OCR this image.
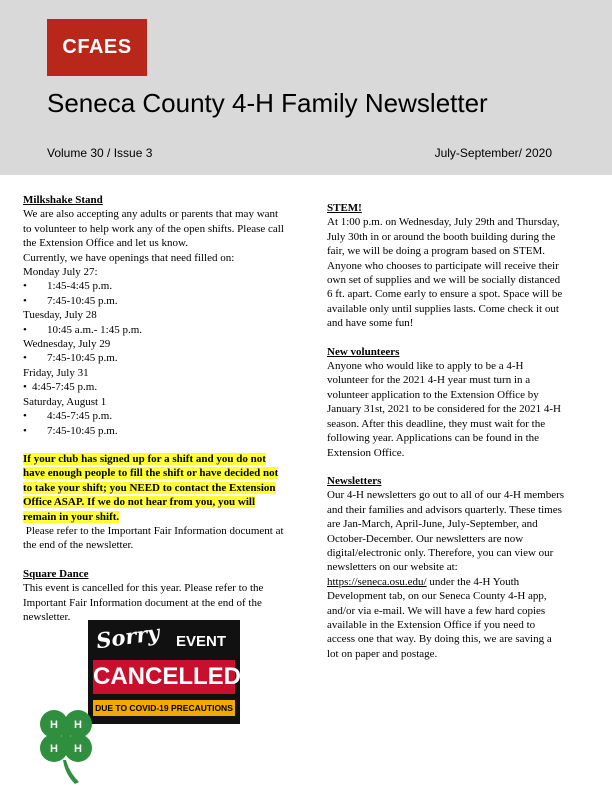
CFAES
Seneca County 4-H Family Newsletter
Volume 30 / Issue 3	July-September/ 2020
Milkshake Stand
We are also accepting any adults or parents that may want
to volunteer to help work any of the open shifts. Please call
the Extension Office and let us know.
Currently, we have openings that need filled on:
Monday July 27:
• 1:45-4:45 p.m.
• 7:45-10:45 p.m.
Tuesday, July 28
• 10:45 a.m.- 1:45 p.m.
Wednesday, July 29
• 7:45-10:45 p.m.
Friday, July 31
• 4:45-7:45 p.m.
Saturday, August 1
• 4:45-7:45 p.m.
• 7:45-10:45 p.m.
If your club has signed up for a shift and you do not
have enough people to fill the shift or have decided not
to take your shift; you NEED to contact the Extension
Office ASAP. If we do not hear from you, you will
remain in your shift.
Please refer to the Important Fair Information document at
the end of the newsletter.
Square Dance
This event is cancelled for this year. Please refer to the
Important Fair Information document at the end of the
newsletter.
Sorry EVENT
CANCELLED
DUE TO COVID-19 PRECAUTIONS
STEM!
At 1:00 p.m. on Wednesday, July 29th and Thursday,
July 30th in or around the booth building during the
fair, we will be doing a program based on STEM.
Anyone who chooses to participate will receive their
own set of supplies and we will be socially distanced
6 ft. apart. Come early to ensure a spot. Space will be
available only until supplies lasts. Come check it out
and have some fun!
New volunteers
Anyone who would like to apply to be a 4-H
volunteer for the 2021 4-H year must turn in a
volunteer application to the Extension Office by
January 31st, 2021 to be considered for the 2021 4-H
season. After this deadline, they must wait for the
following year. Applications can be found in the
Extension Office.
Newsletters
Our 4-H newsletters go out to all of our 4-H members
and their families and advisors quarterly. These times
are Jan-March, April-June, July-September, and
October-December. Our newsletters are now
digital/electronic only. Therefore, you can view our
newsletters on our website at:
https://seneca.osu.edu/ under the 4-H Youth
Development tab, on our Seneca County 4-H app,
and/or via e-mail. We will have a few hard copies
available in the Extension Office if you need to
access one that way. By doing this, we are saving a
lot on paper and postage.
H H
H H
